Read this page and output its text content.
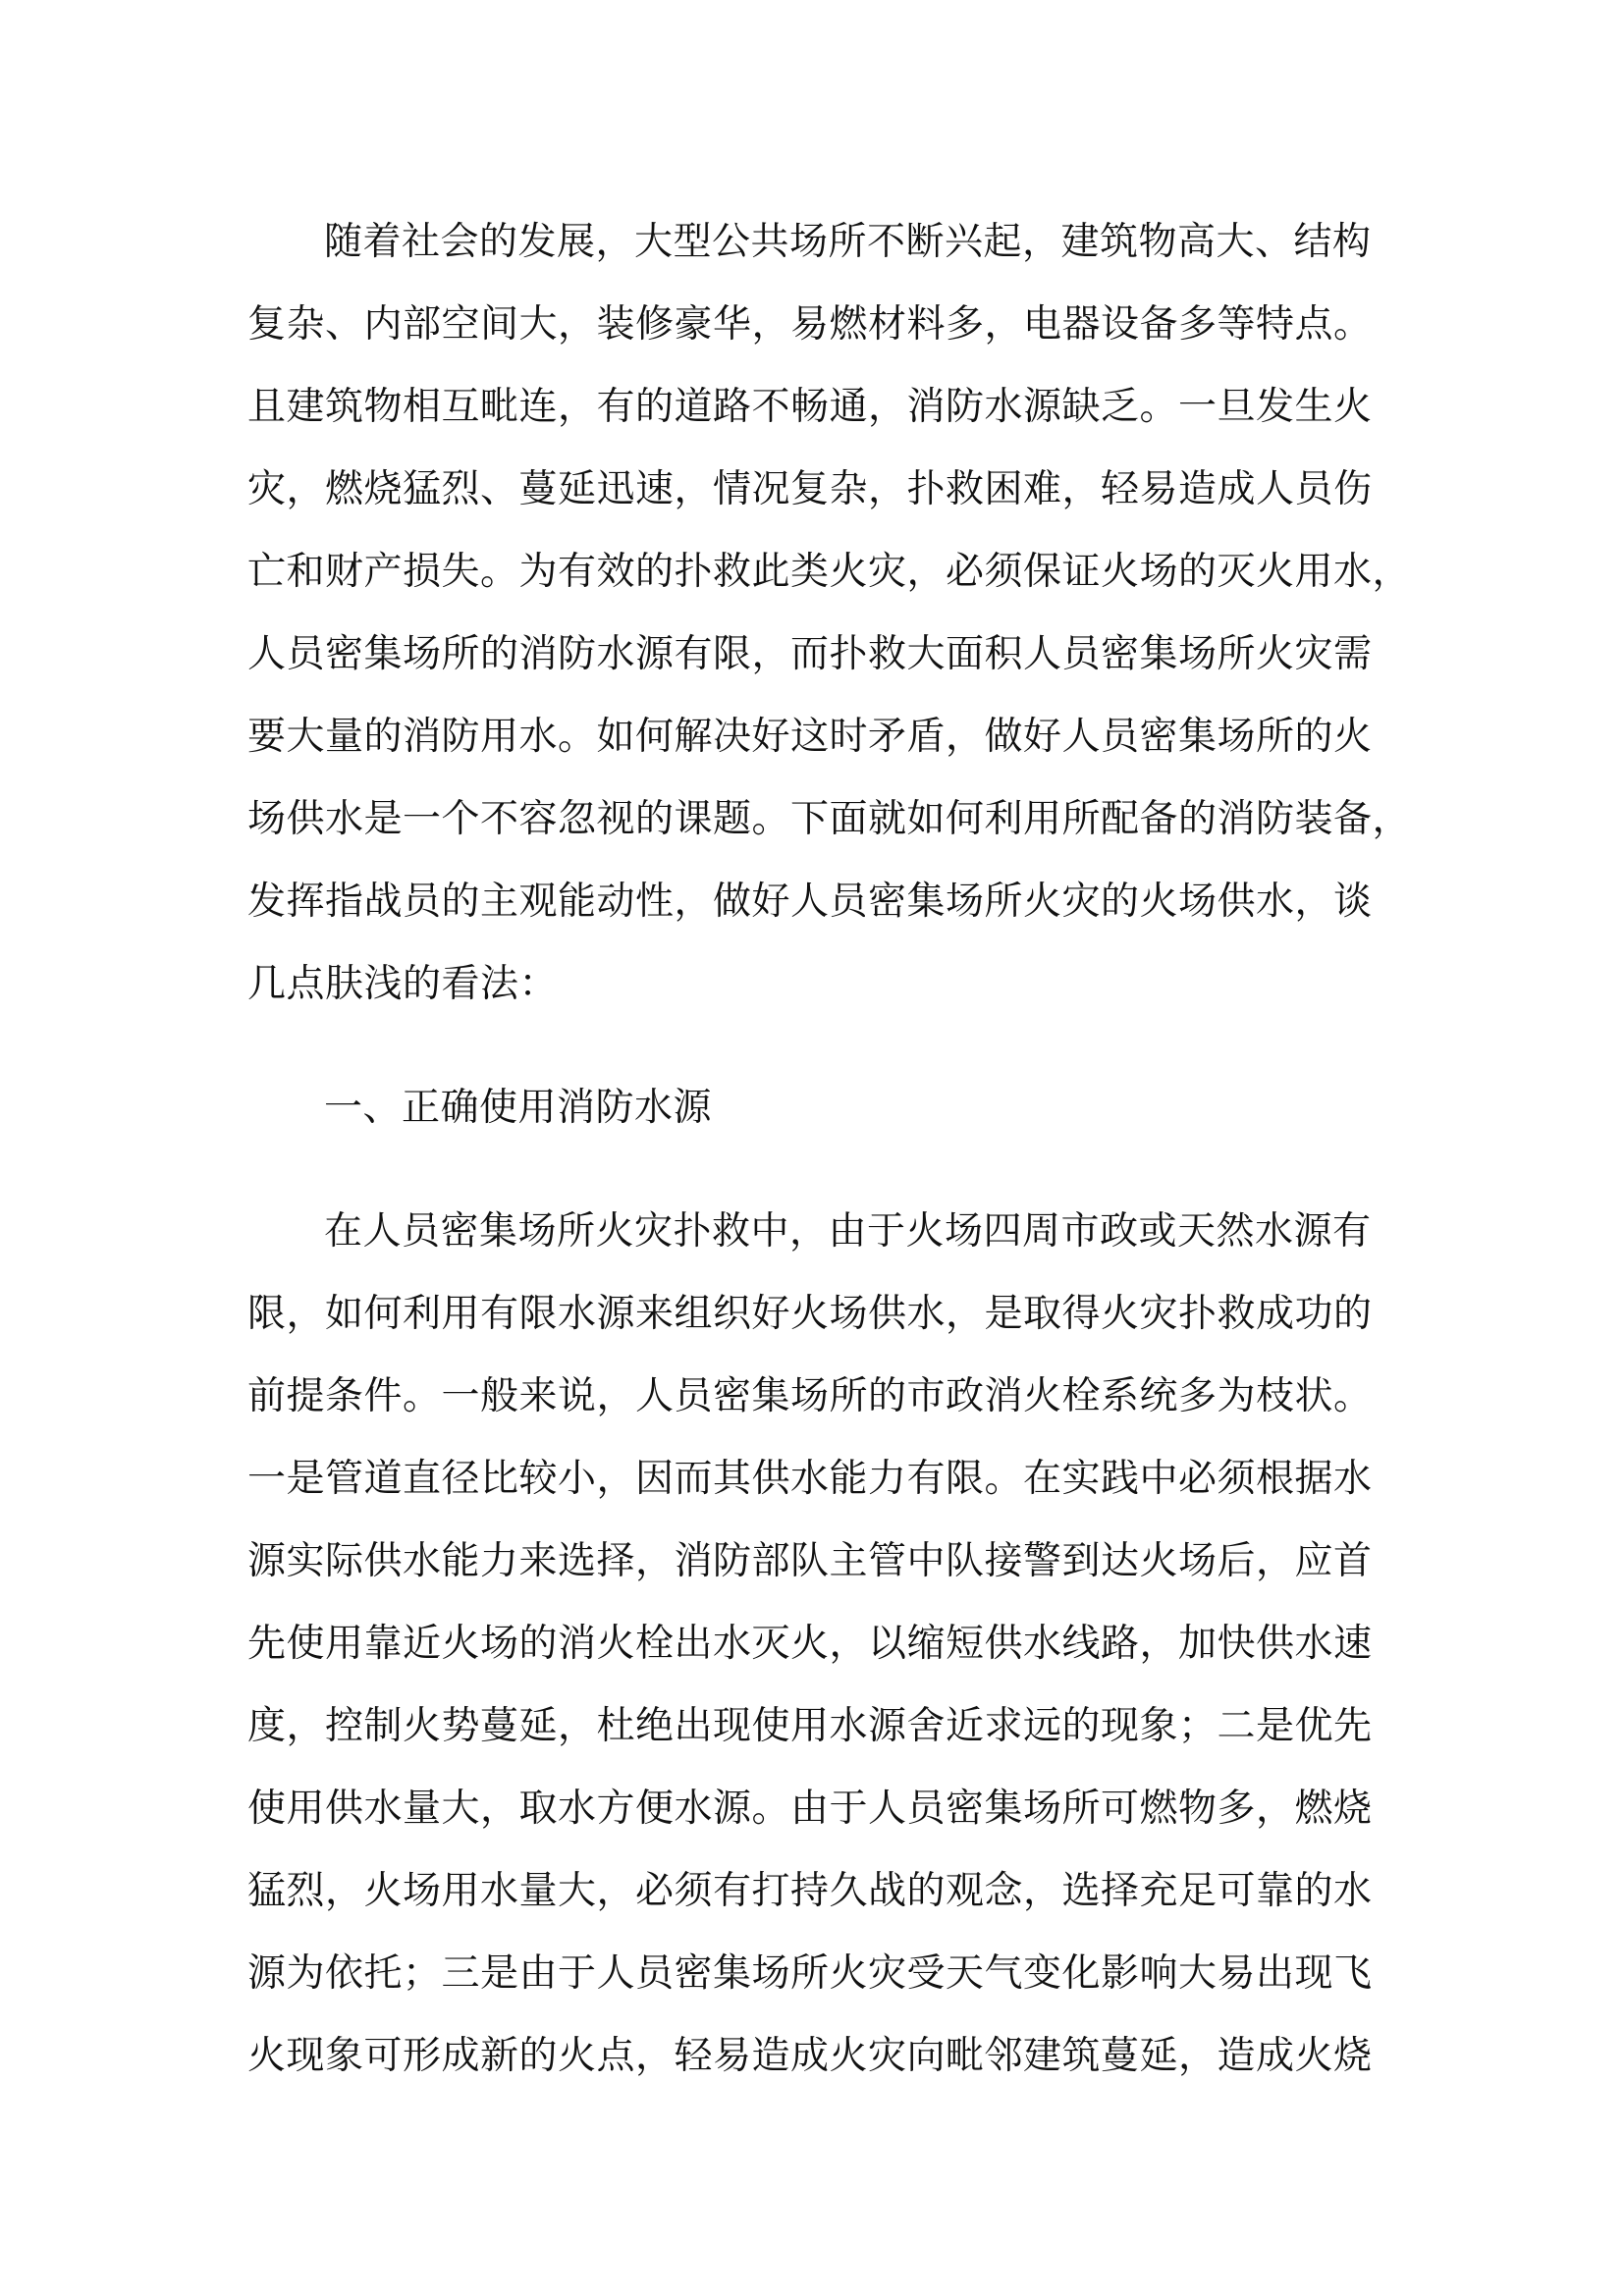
随着社会的发展，大型公共场所不断兴起，建筑物高大、结构
复杂、内部空间大，装修豪华，易燃材料多，电器设备多等特点。
且建筑物相互毗连，有的道路不畅通，消防水源缺乏。一旦发生火
灾，燃烧猛烈、蔓延迅速，情况复杂，扑救困难，轻易造成人员伤
亡和财产损失。为有效的扑救此类火灾，必须保证火场的灭火用水，
人员密集场所的消防水源有限，而扑救大面积人员密集场所火灾需
要大量的消防用水。如何解决好这时矛盾，做好人员密集场所的火
场供水是一个不容忽视的课题。下面就如何利用所配备的消防装备，
发挥指战员的主观能动性，做好人员密集场所火灾的火场供水，谈
几点肤浅的看法：
一、正确使用消防水源
在人员密集场所火灾扑救中，由于火场四周市政或天然水源有
限，如何利用有限水源来组织好火场供水，是取得火灾扑救成功的
前提条件。一般来说，人员密集场所的市政消火栓系统多为枝状。
一是管道直径比较小，因而其供水能力有限。在实践中必须根据水
源实际供水能力来选择，消防部队主管中队接警到达火场后，应首
先使用靠近火场的消火栓出水灭火，以缩短供水线路，加快供水速
度，控制火势蔓延，杜绝出现使用水源舍近求远的现象；二是优先
使用供水量大，取水方便水源。由于人员密集场所可燃物多，燃烧
猛烈，火场用水量大，必须有打持久战的观念，选择充足可靠的水
源为依托；三是由于人员密集场所火灾受天气变化影响大易出现飞
火现象可形成新的火点，轻易造成火灾向毗邻建筑蔓延，造成火烧
